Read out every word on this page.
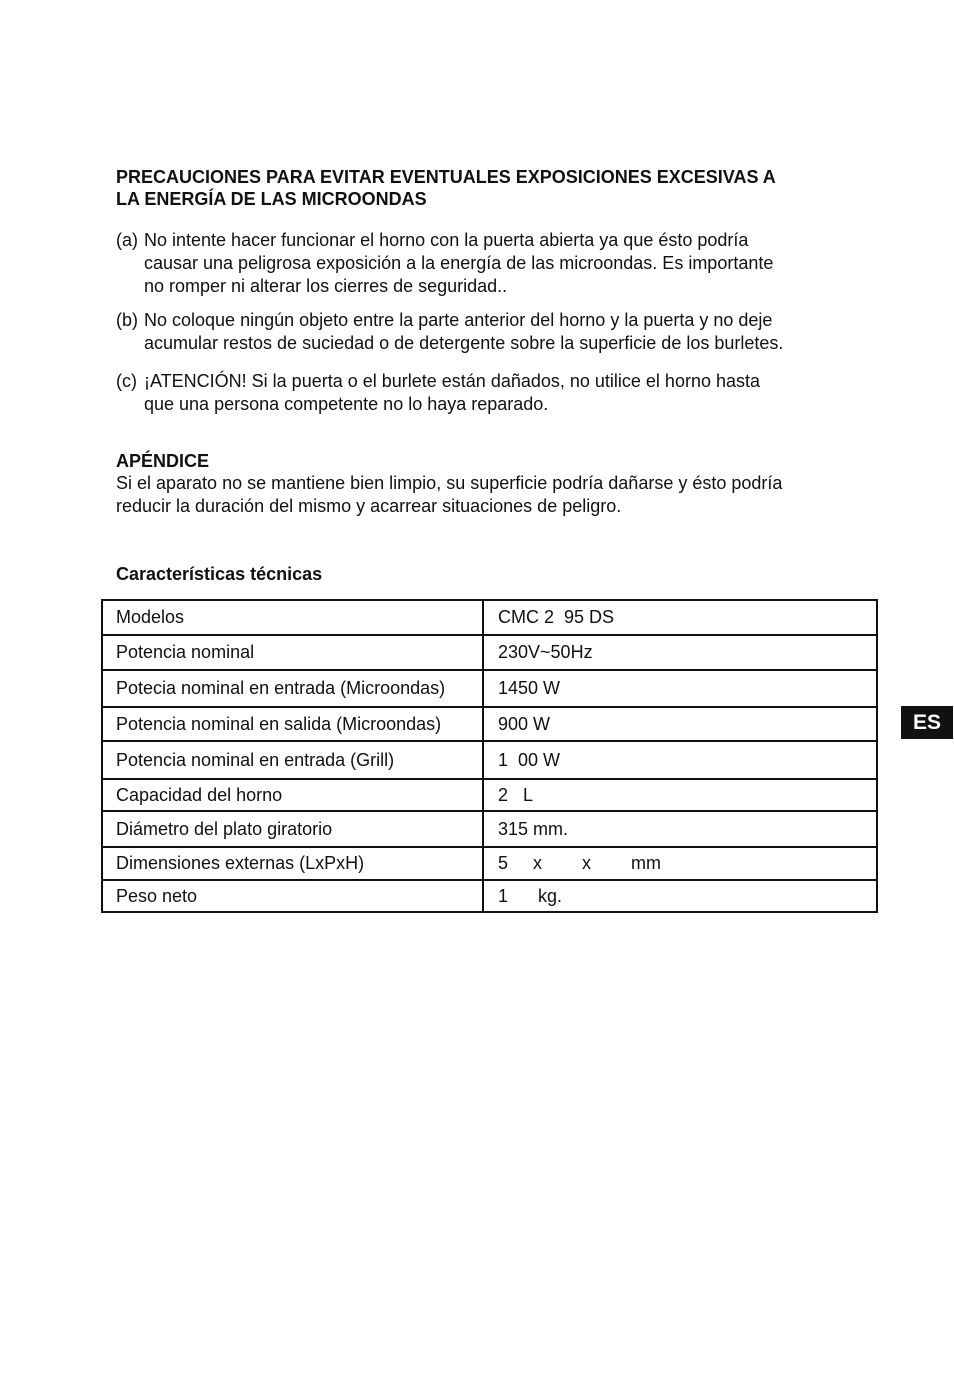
PRECAUCIONES PARA EVITAR EVENTUALES EXPOSICIONES EXCESIVAS A
LA ENERGÍA DE LAS MICROONDAS
(a) No intente hacer funcionar el horno con la puerta abierta ya que ésto podría
causar una peligrosa exposición a la energía de las microondas. Es importante
no romper ni alterar los cierres de seguridad..
(b) No coloque ningún objeto entre la parte anterior del horno y la puerta y no deje
acumular restos de suciedad o de detergente sobre la superficie de los burletes.
(c) ¡ATENCIÓN! Si la puerta o el burlete están dañados, no utilice el horno hasta
que una persona competente no lo haya reparado.
APÉNDICE
Si el aparato no se mantiene bien limpio, su superficie podría dañarse y ésto podría
reducir la duración del mismo y acarrear situaciones de peligro.
Características técnicas
Modelos	CMC 2  95 DS
Potencia nominal	230V~50Hz
Potecia nominal en entrada (Microondas)	1450 W
Potencia nominal en salida (Microondas)	900 W
Potencia nominal en entrada (Grill)	1  00 W
Capacidad del horno	2   L
Diámetro del plato giratorio	315 mm.
Dimensiones externas (LxPxH)	5     x        x        mm
Peso neto	1      kg.
ES
